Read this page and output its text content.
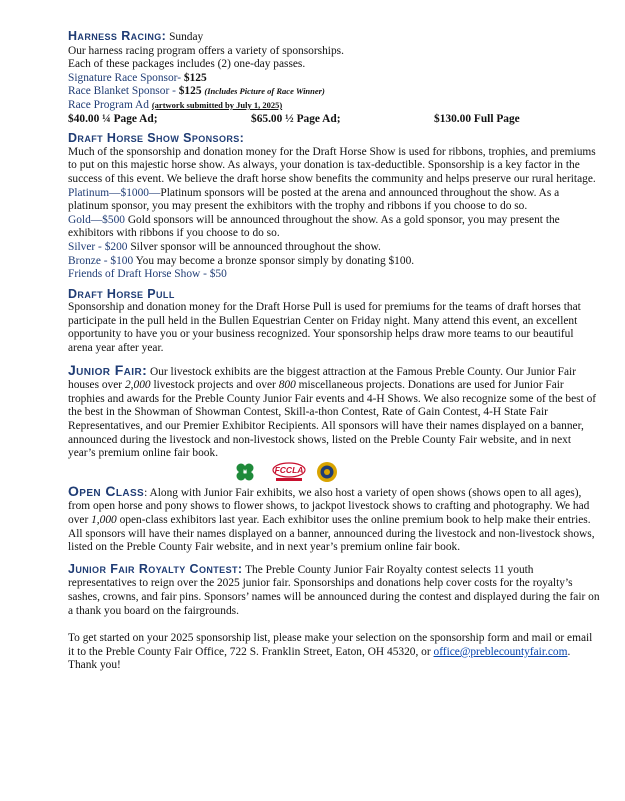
Harness Racing: Sunday
Our harness racing program offers a variety of sponsorships.
Each of these packages includes (2) one-day passes.
Signature Race Sponsor- $125
Race Blanket Sponsor - $125 (Includes Picture of Race Winner)
Race Program Ad (artwork submitted by July 1, 2025)
$40.00 ¼ Page Ad;	$65.00 ½ Page Ad;	$130.00 Full Page
Draft Horse Show Sponsors:
Much of the sponsorship and donation money for the Draft Horse Show is used for ribbons, trophies, and premiums to put on this majestic horse show. As always, your donation is tax-deductible. Sponsorship is a key factor in the success of this event. We believe the draft horse show benefits the community and helps preserve our rural heritage.
Platinum—$1000—Platinum sponsors will be posted at the arena and announced throughout the show. As a platinum sponsor, you may present the exhibitors with the trophy and ribbons if you choose to do so.
Gold—$500 Gold sponsors will be announced throughout the show. As a gold sponsor, you may present the exhibitors with ribbons if you choose to do so.
Silver - $200 Silver sponsor will be announced throughout the show.
Bronze - $100 You may become a bronze sponsor simply by donating $100.
Friends of Draft Horse Show - $50
Draft Horse Pull
Sponsorship and donation money for the Draft Horse Pull is used for premiums for the teams of draft horses that participate in the pull held in the Bullen Equestrian Center on Friday night. Many attend this event, an excellent opportunity to have you or your business recognized. Your sponsorship helps draw more teams to our beautiful arena year after year.
Junior Fair: Our livestock exhibits are the biggest attraction at the Famous Preble County. Our Junior Fair houses over 2,000 livestock projects and over 800 miscellaneous projects. Donations are used for Junior Fair trophies and awards for the Preble County Junior Fair events and 4-H Shows. We also recognize some of the best of the best in the Showman of Showman Contest, Skill-a-thon Contest, Rate of Gain Contest, 4-H State Fair Representatives, and our Premier Exhibitor Recipients. All sponsors will have their names displayed on a banner, announced during the livestock and non-livestock shows, listed on the Preble County Fair website, and in next year’s premium online fair book.
H	FCCLA
Open Class: Along with Junior Fair exhibits, we also host a variety of open shows (shows open to all ages), from open horse and pony shows to flower shows, to jackpot livestock shows to crafting and photography. We had over 1,000 open-class exhibitors last year. Each exhibitor uses the online premium book to help make their entries. All sponsors will have their names displayed on a banner, announced during the livestock and non-livestock shows, listed on the Preble County Fair website, and in next year’s premium online fair book.
Junior Fair Royalty Contest: The Preble County Junior Fair Royalty contest selects 11 youth representatives to reign over the 2025 junior fair. Sponsorships and donations help cover costs for the royalty’s sashes, crowns, and fair pins. Sponsors’ names will be announced during the contest and displayed during the fair on a thank you board on the fairgrounds.
To get started on your 2025 sponsorship list, please make your selection on the sponsorship form and mail or email it to the Preble County Fair Office, 722 S. Franklin Street, Eaton, OH 45320, or office@preblecountyfair.com. Thank you!
